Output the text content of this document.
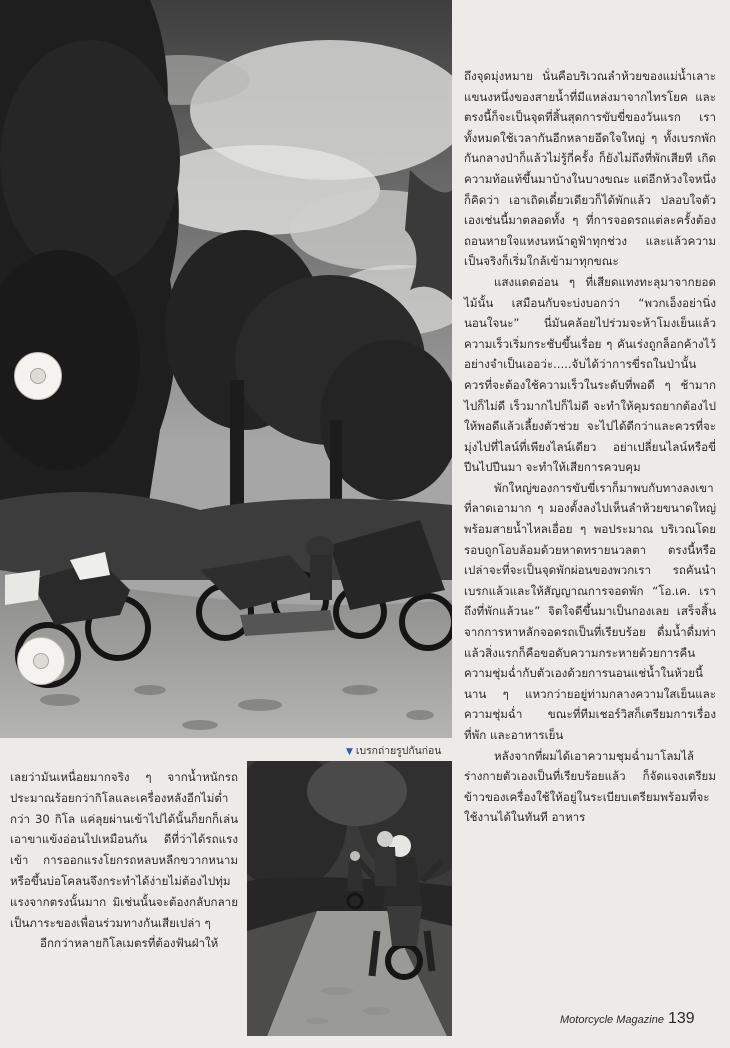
ถึงจุดมุ่งหมาย นั่นคือบริเวณลำห้วยของแม่น้ำเลาะ แขนงหนึ่งของสายน้ำที่มีแหล่งมาจากไทรโยค และตรงนี้ก็จะเป็นจุดที่สิ้นสุดการขับขี่ของวันแรก เราทั้งหมดใช้เวลากันอีกหลายอึดใจใหญ่ ๆ ทั้งเบรกพักกันกลางป่าก็แล้วไม่รู้กี่ครั้ง ก็ยังไม่ถึงที่พักเสียที เกิดความท้อแท้ขึ้นมาบ้างในบางขณะ แต่อีกห้วงใจหนึ่งก็คิดว่า เอาเถิดเดี๋ยวเดียวก็ได้พักแล้ว ปลอบใจตัวเองเช่นนี้มาตลอดทั้ง ๆ ที่การจอดรถแต่ละครั้งต้องถอนหายใจแหงนหน้าดูฟ้าทุกช่วง และแล้วความเป็นจริงก็เริ่มใกล้เข้ามาทุกขณะ

แสงแดดอ่อน ๆ ที่เสียดแทงทะลุมาจากยอดไม้นั้น เสมือนกับจะบ่งบอกว่า “พวกเอ็งอย่านิ่งนอนใจนะ” นี่มันคล้อยไปร่วมจะห้าโมงเย็นแล้ว ความเร็วเริ่มกระชับขึ้นเรื่อย ๆ คันเร่งถูกล็อกค้างไว้อย่างจำเป็นเออว่ะ.....จับได้ว่าการขี่รถในป่านั้น ควรที่จะต้องใช้ความเร็วในระดับที่พอดี ๆ ช้ามากไปก็ไม่ดี เร็วมากไปก็ไม่ดี จะทำให้คุมรถยากต้องไปให้พอดีแล้วเลี้ยงตัวช่วย จะไปได้ดีกว่าและควรที่จะมุ่งไปที่ไลน์ที่เพียงไลน์เดียว อย่าเปลี่ยนไลน์หรือขี่ปีนไปปีนมา จะทำให้เสียการควบคุม

พักใหญ่ของการขับขี่เราก็มาพบกับทางลงเขาที่ลาดเอามาก ๆ มองตั้งลงไปเห็นลำห้วยขนาดใหญ่พร้อมสายน้ำไหลเอื่อย ๆ พอประมาณ บริเวณโดยรอบถูกโอบล้อมด้วยหาดทรายนวลตา ตรงนี้หรือเปล่าจะที่จะเป็นจุดพักผ่อนของพวกเรา รถคันนำเบรกแล้วและให้สัญญาณการจอดพัก “โอ.เค. เราถึงที่พักแล้วนะ” จิตใจดีขึ้นมาเป็นกองเลย เสร็จสิ้นจากการหาหลักจอดรถเป็นที่เรียบร้อย ดื่มน้ำดื่มท่าแล้วสิ่งแรกก็คือขอดับความกระหายด้วยการคืนความชุ่มฉ่ำกับตัวเองด้วยการนอนแช่น้ำในห้วยนี้ นาน ๆ แหวกว่ายอยู่ท่ามกลางความใสเย็นและความชุ่มฉ่ำ ขณะที่ทีมเชอร์วิสก็เตรียมการเรื่องที่พัก และอาหารเย็น

หลังจากที่ผมได้เอาความชุมฉ่ำมาโลมไล้ร่างกายตัวเองเป็นที่เรียบร้อยแล้ว ก็จัดแจงเตรียมข้าวของเครื่องใช้ให้อยู่ในระเบียบเตรียมพร้อมที่จะใช้งานได้ในทันที อาหาร

▼ เบรกถ่ายรูปกันก่อน

เลยว่ามันเหนื่อยมากจริง ๆ จากน้ำหนักรถประมาณร้อยกว่ากิโลและเครื่องหลังอีกไม่ต่ำกว่า 30 กิโล แค่ลุยผ่านเข้าไปได้นั้นก็ยกก็เล่นเอาขาแข้งอ่อนไปเหมือนกัน ดีที่ว่าได้รถแรงเข้า การออกแรงโยกรถหลบหลีกขวากหนาม หรือขึ้นบ่อโคลนจึงกระทำได้ง่ายไม่ต้องไปทุ่มแรงจากตรงนั้นมาก มิเช่นนั้นจะต้องกลับกลายเป็นภาระของเพื่อนร่วมทางกันเสียเปล่า ๆ

อีกกว่าหลายกิโลเมตรที่ต้องฟันฝ่าให้

Motorcycle Magazine 139
